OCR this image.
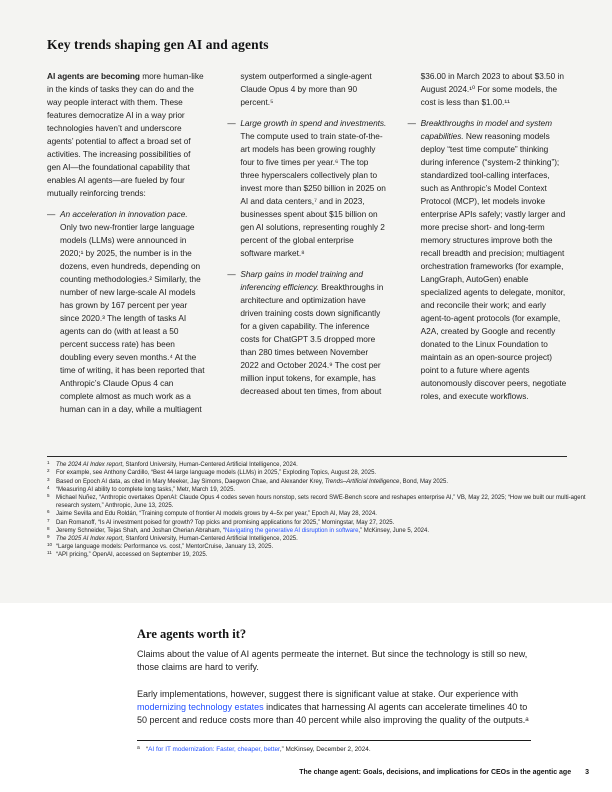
Key trends shaping gen AI and agents

AI agents are becoming more human-like in the kinds of tasks they can do and the way people interact with them. These features democratize AI in a way prior technologies haven’t and underscore agents’ potential to affect a broad set of activities. The increasing possibilities of gen AI—the foundational capability that enables AI agents—are fueled by four mutually reinforcing trends:

— An acceleration in innovation pace. Only two new-frontier large language models (LLMs) were announced in 2020;¹ by 2025, the number is in the dozens, even hundreds, depending on counting methodologies.² Similarly, the number of new large-scale AI models has grown by 167 percent per year since 2020.³ The length of tasks AI agents can do (with at least a 50 percent success rate) has been doubling every seven months.⁴ At the time of writing, it has been reported that Anthropic’s Claude Opus 4 can complete almost as much work as a human can in a day, while a multiagent
system outperformed a single-agent Claude Opus 4 by more than 90 percent.⁵
— Large growth in spend and investments. The compute used to train state-of-the-art models has been growing roughly four to five times per year.⁶ The top three hyperscalers collectively plan to invest more than $250 billion in 2025 on AI and data centers,⁷ and in 2023, businesses spent about $15 billion on gen AI solutions, representing roughly 2 percent of the global enterprise software market.⁸
— Sharp gains in model training and inferencing efficiency. Breakthroughs in architecture and optimization have driven training costs down significantly for a given capability. The inference costs for ChatGPT 3.5 dropped more than 280 times between November 2022 and October 2024.⁹ The cost per million input tokens, for example, has decreased about ten times, from about
$36.00 in March 2023 to about $3.50 in August 2024.¹⁰ For some models, the cost is less than $1.00.¹¹
— Breakthroughs in model and system capabilities. New reasoning models deploy “test time compute” thinking during inference (“system-2 thinking”); standardized tool-calling interfaces, such as Anthropic’s Model Context Protocol (MCP), let models invoke enterprise APIs safely; vastly larger and more precise short- and long-term memory structures improve both the recall breadth and precision; multiagent orchestration frameworks (for example, LangGraph, AutoGen) enable specialized agents to delegate, monitor, and reconcile their work; and early agent-to-agent protocols (for example, A2A, created by Google and recently donated to the Linux Foundation to maintain as an open-source project) point to a future where agents autonomously discover peers, negotiate roles, and execute workflows.
1 The 2024 AI Index report, Stanford University, Human-Centered Artificial Intelligence, 2024.
2 For example, see Anthony Cardillo, “Best 44 large language models (LLMs) in 2025,” Exploding Topics, August 28, 2025.
3 Based on Epoch AI data, as cited in Mary Meeker, Jay Simons, Daegwon Chae, and Alexander Krey, Trends–Artificial Intelligence, Bond, May 2025.
4 “Measuring AI ability to complete long tasks,” Metr, March 19, 2025.
5 Michael Nuñez, “Anthropic overtakes OpenAI: Claude Opus 4 codes seven hours nonstop, sets record SWE-Bench score and reshapes enterprise AI,” VB, May 22, 2025; “How we built our multi-agent research system,” Anthropic, June 13, 2025.
6 Jaime Sevilla and Edu Roldán, “Training compute of frontier AI models grows by 4–5x per year,” Epoch AI, May 28, 2024.
7 Dan Romanoff, “Is AI investment poised for growth? Top picks and promising applications for 2025,” Morningstar, May 27, 2025.
8 Jeremy Schneider, Tejas Shah, and Joshan Cherian Abraham, “Navigating the generative AI disruption in software,” McKinsey, June 5, 2024.
9 The 2025 AI Index report, Stanford University, Human-Centered Artificial Intelligence, 2025.
10 “Large language models: Performance vs. cost,” MentorCruise, January 13, 2025.
11 “API pricing,” OpenAI, accessed on September 19, 2025.
Are agents worth it?

Claims about the value of AI agents permeate the internet. But since the technology is still so new, those claims are hard to verify.

Early implementations, however, suggest there is significant value at stake. Our experience with modernizing technology estates indicates that harnessing AI agents can accelerate timelines 40 to 50 percent and reduce costs more than 40 percent while also improving the quality of the outputs.ᵃ

a “AI for IT modernization: Faster, cheaper, better,” McKinsey, December 2, 2024.
The change agent: Goals, decisions, and implications for CEOs in the agentic age 3
